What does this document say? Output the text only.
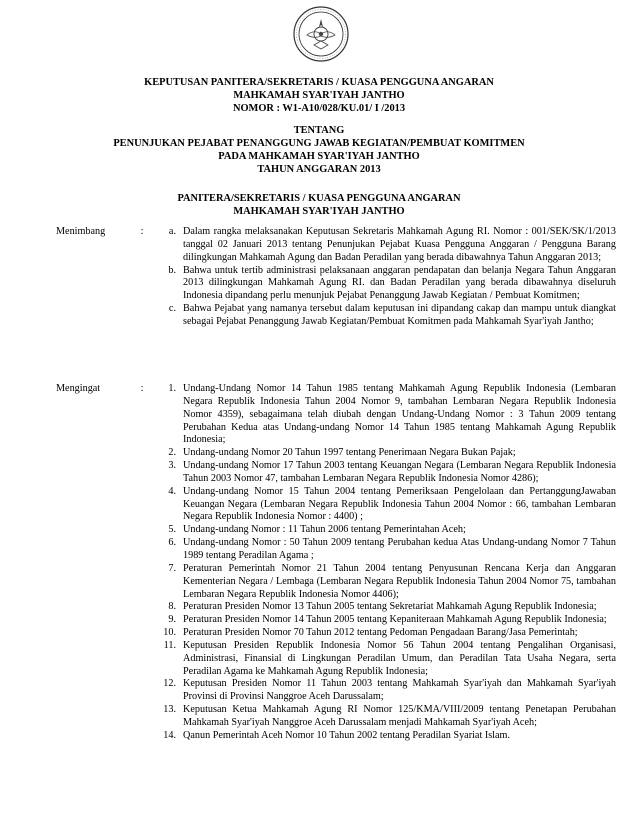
KEPUTUSAN PANITERA/SEKRETARIS / KUASA PENGGUNA ANGARAN
MAHKAMAH SYAR'IYAH JANTHO
NOMOR : W1-A10/028/KU.01/ I /2013
TENTANG
PENUNJUKAN PEJABAT PENANGGUNG JAWAB KEGIATAN/PEMBUAT KOMITMEN
PADA MAHKAMAH SYAR'IYAH JANTHO
TAHUN ANGGARAN 2013
PANITERA/SEKRETARIS / KUASA PENGGUNA ANGARAN
MAHKAMAH SYAR'IYAH JANTHO
Menimbang	:	a. Dalam rangka melaksanakan Keputusan Sekretaris Mahkamah Agung RI. Nomor : 001/SEK/SK/1/2013 tanggal 02 Januari 2013 tentang Penunjukan Pejabat Kuasa Pengguna Anggaran / Pengguna Barang dilingkungan Mahkamah Agung dan Badan Peradilan yang berada dibawahnya Tahun Anggaran 2013;
b. Bahwa untuk tertib administrasi pelaksanaan anggaran pendapatan dan belanja Negara Tahun Anggaran 2013 dilingkungan Mahkamah Agung RI. dan Badan Peradilan yang berada dibawahnya diseluruh Indonesia dipandang perlu menunjuk Pejabat Penanggung Jawab Kegiatan / Pembuat Komitmen;
c. Bahwa Pejabat yang namanya tersebut dalam keputusan ini dipandang cakap dan mampu untuk diangkat sebagai Pejabat Penanggung Jawab Kegiatan/Pembuat Komitmen pada Mahkamah Syar'iyah Jantho;
Mengingat	:	1. Undang-Undang Nomor 14 Tahun 1985 tentang Mahkamah Agung Republik Indonesia (Lembaran Negara Republik Indonesia Tahun 2004 Nomor 9, tambahan Lembaran Negara Republik Indonesia Nomor 4359), sebagaimana telah diubah dengan Undang-Undang Nomor : 3 Tahun 2009 tentang Perubahan Kedua atas Undang-undang Nomor 14 Tahun 1985 tentang Mahkamah Agung Republik Indonesia;
2. Undang-undang Nomor 20 Tahun 1997 tentang Penerimaan Negara Bukan Pajak;
3. Undang-undang Nomor 17 Tahun 2003 tentang Keuangan Negara (Lembaran Negara Republik Indonesia Tahun 2003 Nomor 47, tambahan Lembaran Negara Republik Indonesia Nomor 4286);
4. Undang-undang Nomor 15 Tahun 2004 tentang Pemeriksaan Pengelolaan dan PertanggungJawaban Keuangan Negara (Lembaran Negara Republik Indonesia Tahun 2004 Nomor : 66, tambahan Lembaran Negara Republik Indonesia Nomor : 4400) ;
5. Undang-undang Nomor : 11 Tahun 2006 tentang Pemerintahan Aceh;
6. Undang-undang Nomor : 50 Tahun 2009 tentang Perubahan kedua Atas Undang-undang Nomor 7 Tahun 1989 tentang Peradilan Agama ;
7. Peraturan Pemerintah Nomor 21 Tahun 2004 tentang Penyusunan Rencana Kerja dan Anggaran Kementerian Negara / Lembaga (Lembaran Negara Republik Indonesia Tahun 2004 Nomor 75, tambahan Lembaran Negara Republik Indonesia Nomor 4406);
8. Peraturan Presiden Nomor 13 Tahun 2005 tentang Sekretariat Mahkamah Agung Republik Indonesia;
9. Peraturan Presiden Nomor 14 Tahun 2005 tentang Kepaniteraan Mahkamah Agung Republik Indonesia;
10. Peraturan Presiden Nomor 70 Tahun 2012 tentang Pedoman Pengadaan Barang/Jasa Pemerintah;
11. Keputusan Presiden Republik Indonesia Nomor 56 Tahun 2004 tentang Pengalihan Organisasi, Administrasi, Finansial di Lingkungan Peradilan Umum, dan Peradilan Tata Usaha Negara, serta Peradilan Agama ke Mahkamah Agung Republik Indonesia;
12. Keputusan Presiden Nomor 11 Tahun 2003 tentang Mahkamah Syar'iyah dan Mahkamah Syar'iyah Provinsi di Provinsi Nanggroe Aceh Darussalam;
13. Keputusan Ketua Mahkamah Agung RI Nomor 125/KMA/VIII/2009 tentang Penetapan Perubahan Mahkamah Syar'iyah Nanggroe Aceh Darussalam menjadi Mahkamah Syar'iyah Aceh;
14. Qanun Pemerintah Aceh Nomor 10 Tahun 2002 tentang Peradilan Syariat Islam.
